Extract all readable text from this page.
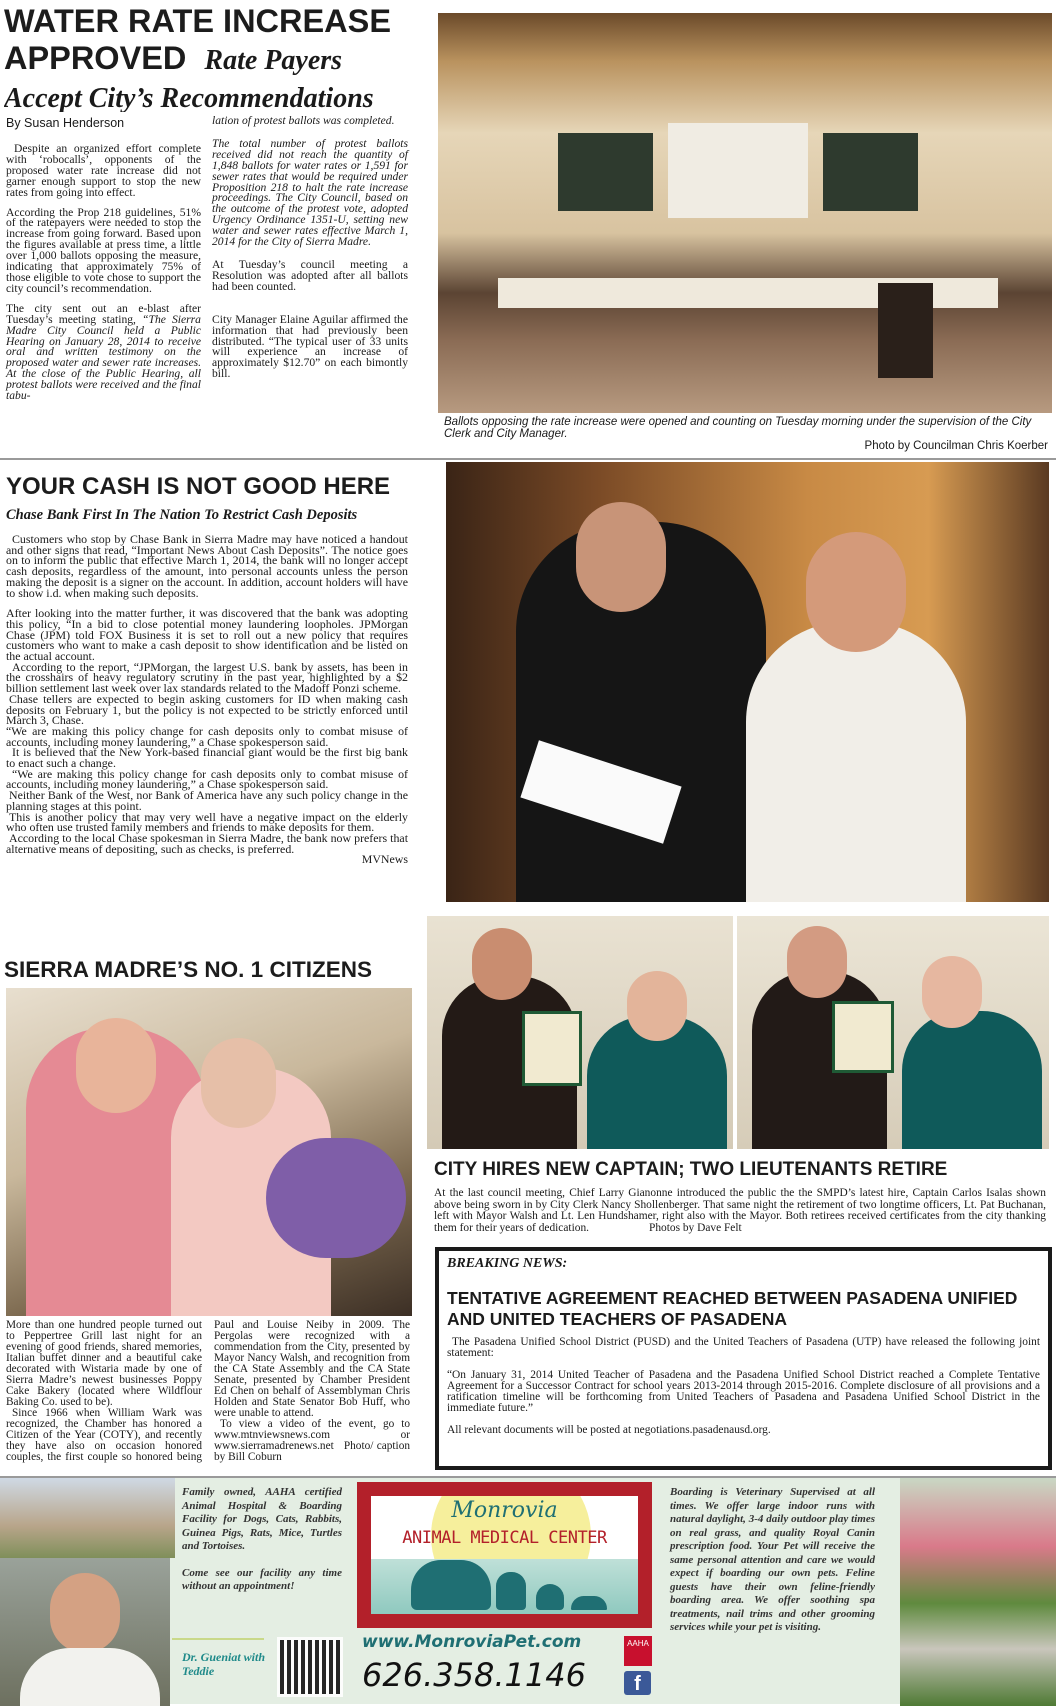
WATER RATE INCREASE
APPROVED Rate Payers
Accept City’s Recommendations
By Susan Henderson

Despite an organized effort complete with ‘robocalls’, opponents of the proposed water rate increase did not garner enough support to stop the new rates from going into effect.

According the Prop 218 guidelines, 51% of the ratepayers were needed to stop the increase from going forward. Based upon the figures available at press time, a little over 1,000 ballots opposing the measure, indicating that approximately 75% of those eligible to vote chose to support the city council’s recommendation.

The city sent out an e-blast after Tuesday’s meeting stating, “The Sierra Madre City Council held a Public Hearing on January 28, 2014 to receive oral and written testimony on the proposed water and sewer rate increases. At the close of the Public Hearing, all protest ballots were received and the final tabu-

lation of protest ballots was completed.

The total number of protest ballots received did not reach the quantity of 1,848 ballots for water rates or 1,591 for sewer rates that would be required under Proposition 218 to halt the rate increase proceedings. The City Council, based on the outcome of the protest vote, adopted Urgency Ordinance 1351-U, setting new water and sewer rates effective March 1, 2014 for the City of Sierra Madre.

At Tuesday’s council meeting a Resolution was adopted after all ballots had been counted.

City Manager Elaine Aguilar affirmed the information that had previously been distributed. “The typical user of 33 units will experience an increase of approximately $12.70” on each bimontly bill.

Ballots opposing the rate increase were opened and counting on Tuesday morning under the supervision of the City Clerk and City Manager.
Photo by Councilman Chris Koerber
YOUR CASH IS NOT GOOD HERE
Chase Bank First In The Nation To Restrict Cash Deposits

Customers who stop by Chase Bank in Sierra Madre may have noticed a handout and other signs that read, “Important News About Cash Deposits”. The notice goes on to inform the public that effective March 1, 2014, the bank will no longer accept cash deposits, regardless of the amount, into personal accounts unless the person making the deposit is a signer on the account. In addition, account holders will have to show i.d. when making such deposits.

After looking into the matter further, it was discovered that the bank was adopting this policy, “In a bid to close potential money laundering loopholes. JPMorgan Chase (JPM) told FOX Business it is set to roll out a new policy that requires customers who want to make a cash deposit to show identification and be listed on the actual account.

According to the report, “JPMorgan, the largest U.S. bank by assets, has been in the crosshairs of heavy regulatory scrutiny in the past year, highlighted by a $2 billion settlement last week over lax standards related to the Madoff Ponzi scheme.

Chase tellers are expected to begin asking customers for ID when making cash deposits on February 1, but the policy is not expected to be strictly enforced until March 3, Chase.

“We are making this policy change for cash deposits only to combat misuse of accounts, including money laundering,” a Chase spokesperson said.

It is believed that the New York-based financial giant would be the first big bank to enact such a change.

“We are making this policy change for cash deposits only to combat misuse of accounts, including money laundering,” a Chase spokesperson said.

Neither Bank of the West, nor Bank of America have any such policy change in the planning stages at this point.

This is another policy that may very well have a negative impact on the elderly who often use trusted family members and friends to make deposits for them.

According to the local Chase spokesman in Sierra Madre, the bank now prefers that alternative means of depositing, such as checks, is preferred.

MVNews
SIERRA MADRE’S NO. 1 CITIZENS

More than one hundred people turned out to Peppertree Grill last night for an evening of good friends, shared memories, Italian buffet dinner and a beautiful cake decorated with Wistaria made by one of Sierra Madre’s newest businesses Poppy Cake Bakery (located where Wildflour Baking Co. used to be).

Since 1966 when William Wark was recognized, the Chamber has honored a Citizen of the Year (COTY), and recently they have also on occasion honored couples, the first couple so honored being Paul and Louise Neiby in 2009. The Pergolas were recognized with a commendation from the City, presented by Mayor Nancy Walsh, and recognition from the CA State Assembly and the CA State Senate, presented by Chamber President Ed Chen on behalf of Assemblyman Chris Holden and State Senator Bob Huff, who were unable to attend.

To view a video of the event, go to www.mtnviewsnews.com or www.sierramadrenews.net Photo/ caption by Bill Coburn

CITY HIRES NEW CAPTAIN; TWO LIEUTENANTS RETIRE
At the last council meeting, Chief Larry Gianonne introduced the public the the SMPD’s latest hire, Captain Carlos Isalas shown above being sworn in by City Clerk Nancy Shollenberger. That same night the retirement of two longtime officers, Lt. Pat Buchanan, left with Mayor Walsh and Lt. Len Hundshamer, right also with the Mayor. Both retirees received certificates from the city thanking them for their years of dedication.	Photos by Dave Felt
BREAKING NEWS:
TENTATIVE AGREEMENT REACHED BETWEEN PASADENA UNIFIED AND UNITED TEACHERS OF PASADENA

The Pasadena Unified School District (PUSD) and the United Teachers of Pasadena (UTP) have released the following joint statement:

“On January 31, 2014 United Teacher of Pasadena and the Pasadena Unified School District reached a Complete Tentative Agreement for a Successor Contract for school years 2013-2014 through 2015-2016. Complete disclosure of all provisions and a ratification timeline will be forthcoming from United Teachers of Pasadena and Pasadena Unified School District in the immediate future.”

All relevant documents will be posted at negotiations.pasadenausd.org.

Family owned, AAHA certified Animal Hospital & Boarding Facility for Dogs, Cats, Rabbits, Guinea Pigs, Rats, Mice, Turtles and Tortoises.

Come see our facility any time without an appointment!

Dr. Gueniat with Teddie
Monrovia
ANIMAL MEDICAL CENTER
www.MonroviaPet.com
626.358.1146
AAHA
f
Boarding is Veterinary Supervised at all times. We offer large indoor runs with natural daylight, 3-4 daily outdoor play times on real grass, and quality Royal Canin prescription food. Your Pet will receive the same personal attention and care we would expect if boarding our own pets. Feline guests have their own feline-friendly boarding area. We offer soothing spa treatments, nail trims and other grooming services while your pet is visiting.
